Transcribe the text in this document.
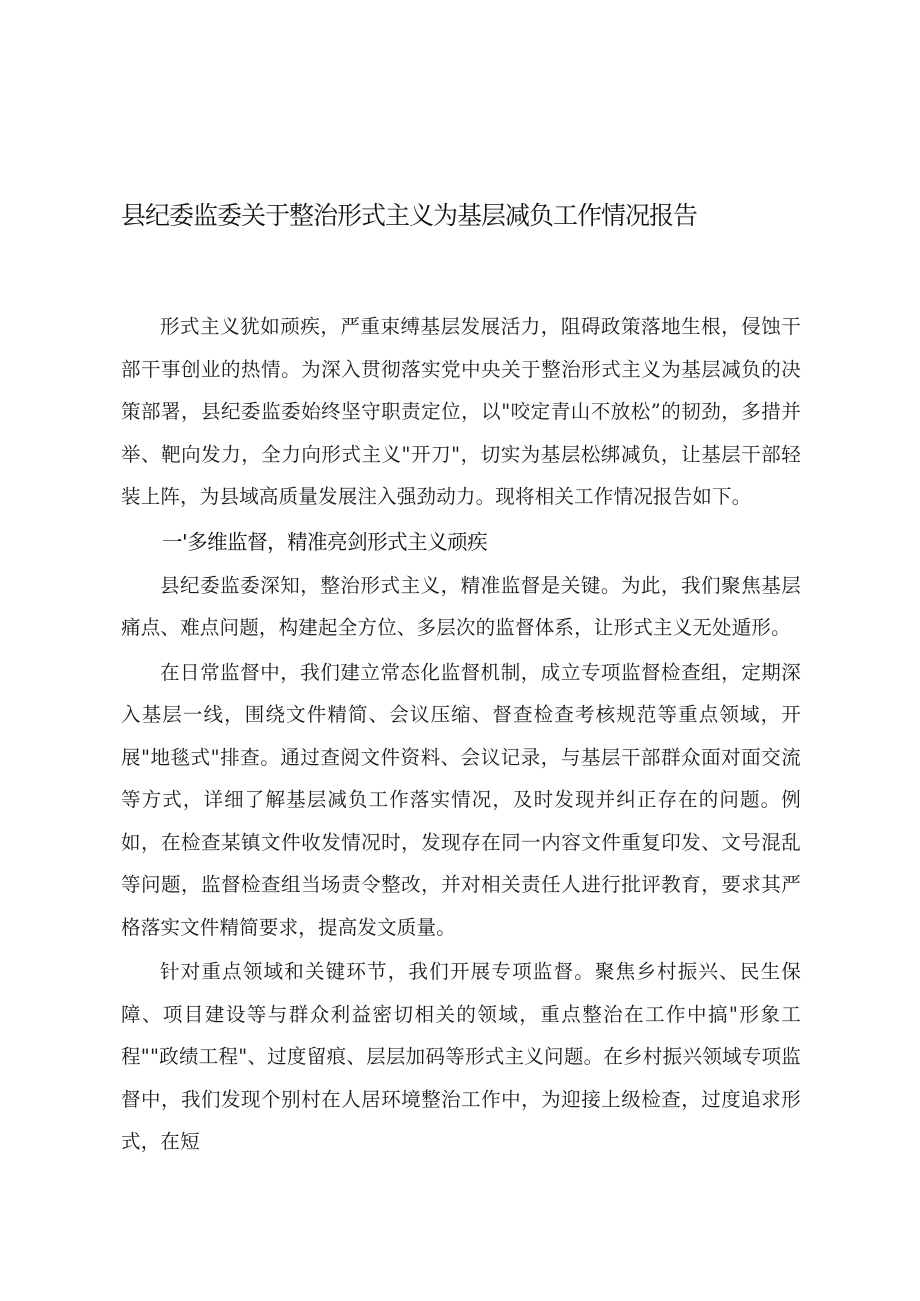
县纪委监委关于整治形式主义为基层减负工作情况报告

形式主义犹如顽疾，严重束缚基层发展活力，阻碍政策落地生根，侵蚀干部干事创业的热情。为深入贯彻落实党中央关于整治形式主义为基层减负的决策部署，县纪委监委始终坚守职责定位，以"咬定青山不放松”的韧劲，多措并举、靶向发力，全力向形式主义"开刀"，切实为基层松绑减负，让基层干部轻装上阵，为县域高质量发展注入强劲动力。现将相关工作情况报告如下。

一'多维监督，精准亮剑形式主义顽疾

县纪委监委深知，整治形式主义，精准监督是关键。为此，我们聚焦基层痛点、难点问题，构建起全方位、多层次的监督体系，让形式主义无处遁形。

在日常监督中，我们建立常态化监督机制，成立专项监督检查组，定期深入基层一线，围绕文件精简、会议压缩、督查检查考核规范等重点领域，开展"地毯式"排查。通过查阅文件资料、会议记录，与基层干部群众面对面交流等方式，详细了解基层减负工作落实情况，及时发现并纠正存在的问题。例如，在检查某镇文件收发情况时，发现存在同一内容文件重复印发、文号混乱等问题，监督检查组当场责令整改，并对相关责任人进行批评教育，要求其严格落实文件精简要求，提高发文质量。

针对重点领域和关键环节，我们开展专项监督。聚焦乡村振兴、民生保障、项目建设等与群众利益密切相关的领域，重点整治在工作中搞"形象工程""政绩工程"、过度留痕、层层加码等形式主义问题。在乡村振兴领域专项监督中，我们发现个别村在人居环境整治工作中，为迎接上级检查，过度追求形式，在短
